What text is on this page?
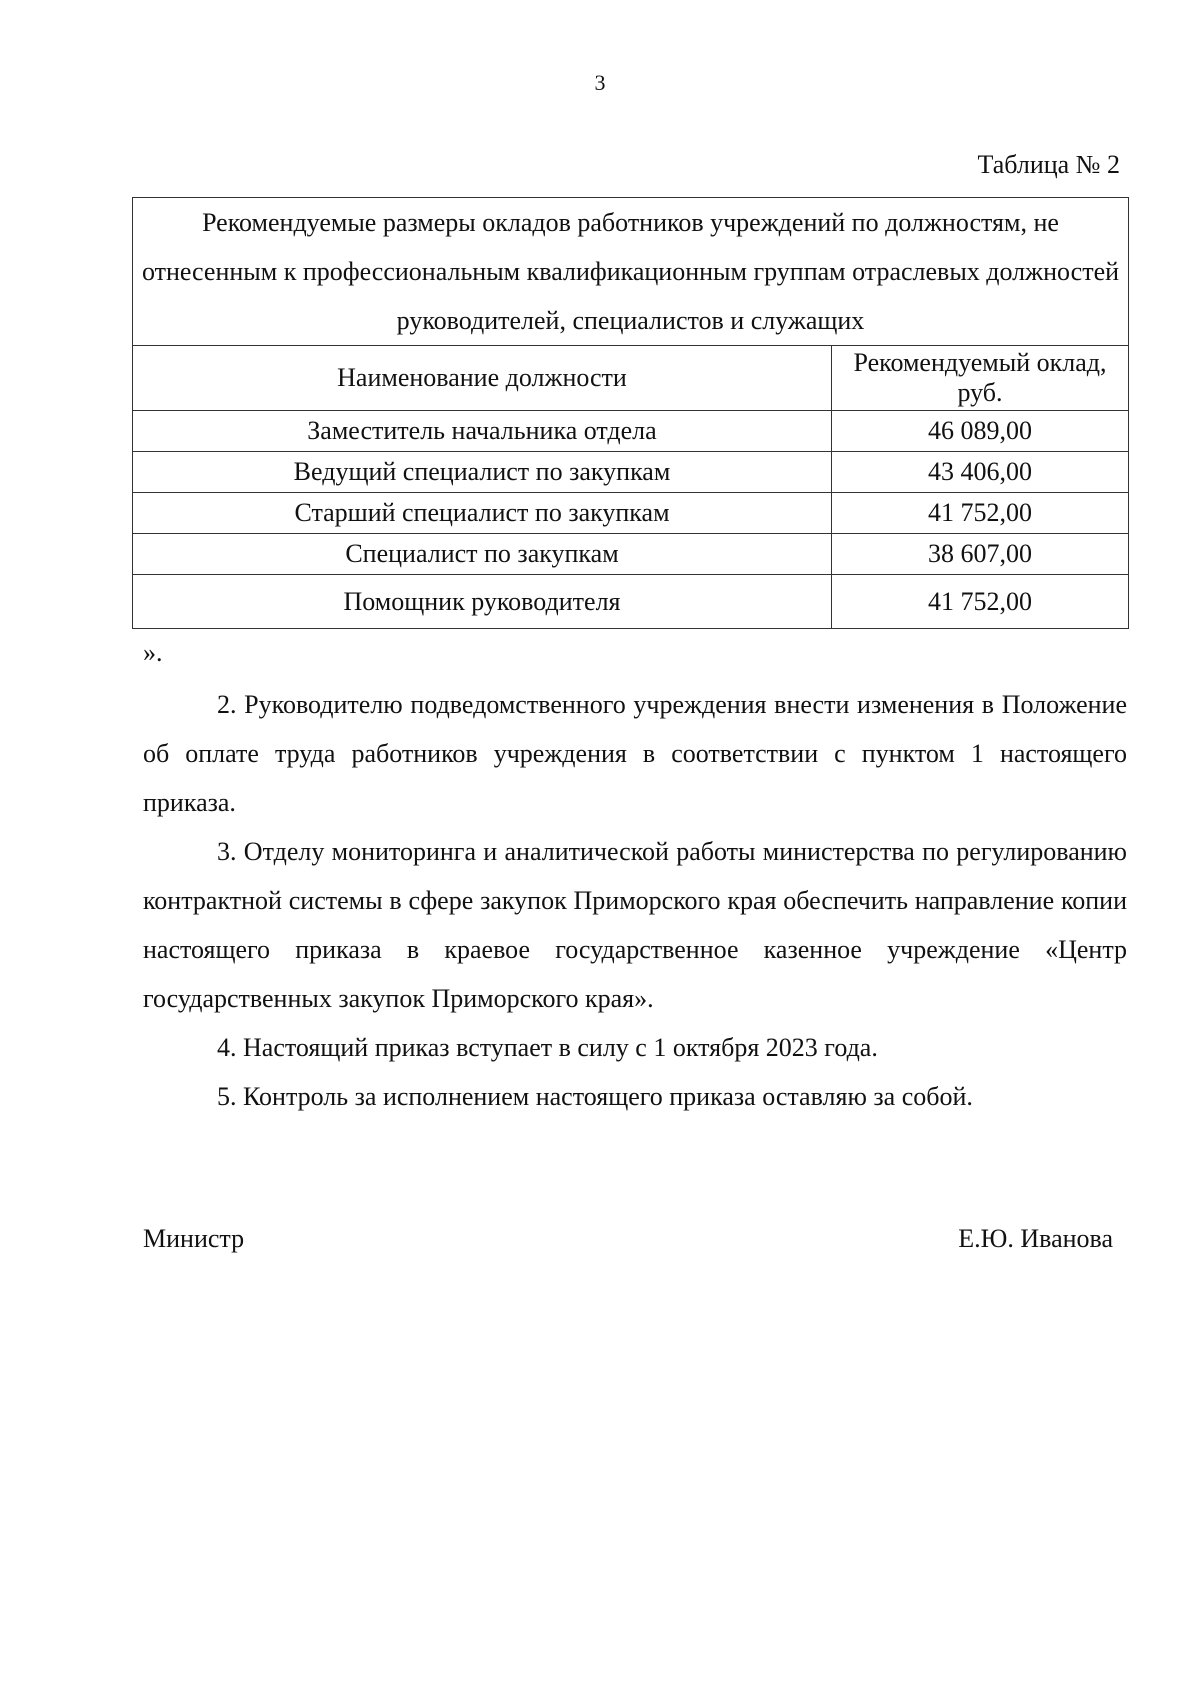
3
Таблица № 2
Рекомендуемые размеры окладов работников учреждений по должностям, не отнесенным к профессиональным квалификационным группам отраслевых должностей руководителей, специалистов и служащих	
Наименование должности	Рекомендуемый оклад, руб.
Заместитель начальника отдела	46 089,00
Ведущий специалист по закупкам	43 406,00
Старший специалист по закупкам	41 752,00
Специалист по закупкам	38 607,00
Помощник руководителя	41 752,00
».

2. Руководителю подведомственного учреждения внести изменения в Положение об оплате труда работников учреждения в соответствии с пунктом 1 настоящего приказа.

3. Отделу мониторинга и аналитической работы министерства по регулированию контрактной системы в сфере закупок Приморского края обеспечить направление копии настоящего приказа в краевое государственное казенное учреждение «Центр государственных закупок Приморского края».

4. Настоящий приказ вступает в силу с 1 октября 2023 года.

5. Контроль за исполнением настоящего приказа оставляю за собой.

Министр	Е.Ю. Иванова
